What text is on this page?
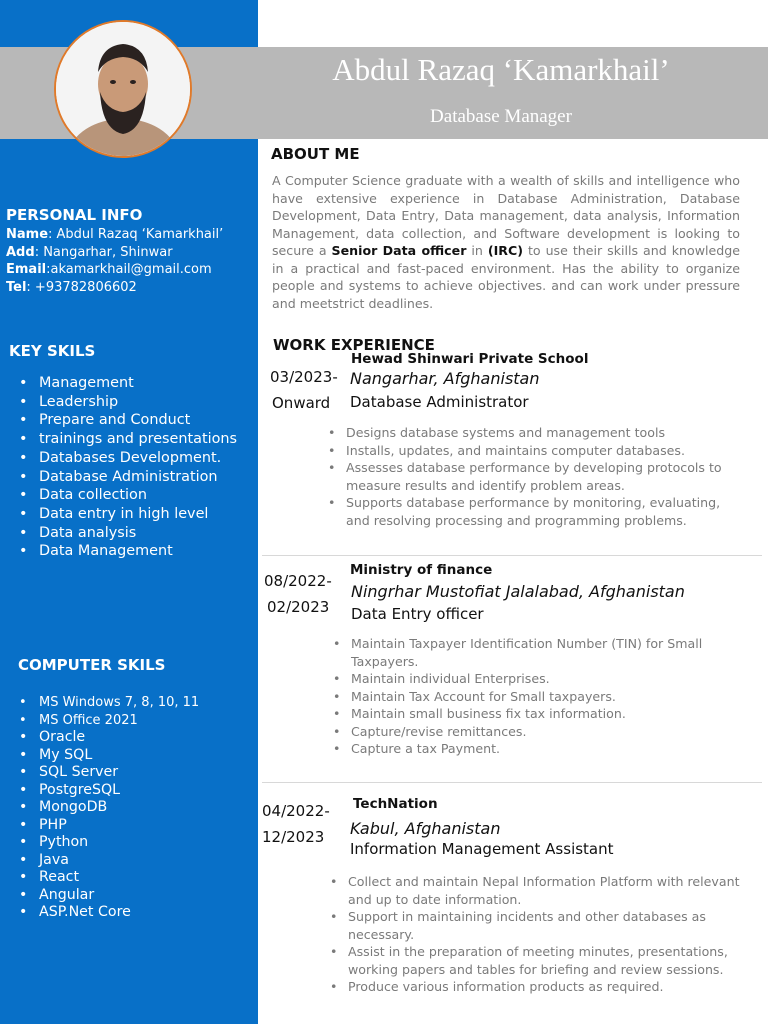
Abdul Razaq ‘Kamarkhail’
Database Manager
PERSONAL INFO
Name: Abdul Razaq ‘Kamarkhail’
Add: Nangarhar, Shinwar
Email:akamarkhail@gmail.com
Tel: +93782806602
KEY SKILS
• Management
• Leadership
• Prepare and Conduct
• trainings and presentations
• Databases Development.
• Database Administration
• Data collection
• Data entry in high level
• Data analysis
• Data Management
COMPUTER SKILS
• MS Windows 7, 8, 10, 11
• MS Office 2021
• Oracle
• My SQL
• SQL Server
• PostgreSQL
• MongoDB
• PHP
• Python
• Java
• React
• Angular
• ASP.Net Core
ABOUT ME
A Computer Science graduate with a wealth of skills and intelligence who have extensive experience in Database Administration, Database Development, Data Entry, Data management, data analysis, Information Management, data collection, and Software development is looking to secure a Senior Data officer in (IRC) to use their skills and knowledge in a practical and fast-paced environment. Has the ability to organize people and systems to achieve objectives. and can work under pressure and meetstrict deadlines.
WORK EXPERIENCE
03/2023-
Onward
Hewad Shinwari Private School
Nangarhar, Afghanistan
Database Administrator
• Designs database systems and management tools
• Installs, updates, and maintains computer databases.
• Assesses database performance by developing protocols to measure results and identify problem areas.
• Supports database performance by monitoring, evaluating, and resolving processing and programming problems.
08/2022-
02/2023
Ministry of finance
Ningrhar Mustofiat Jalalabad, Afghanistan
Data Entry officer
• Maintain Taxpayer Identification Number (TIN) for Small Taxpayers.
• Maintain individual Enterprises.
• Maintain Tax Account for Small taxpayers.
• Maintain small business fix tax information.
• Capture/revise remittances.
• Capture a tax Payment.
04/2022-
12/2023
TechNation
Kabul, Afghanistan
Information Management Assistant
• Collect and maintain Nepal Information Platform with relevant and up to date information.
• Support in maintaining incidents and other databases as necessary.
• Assist in the preparation of meeting minutes, presentations, working papers and tables for briefing and review sessions.
• Produce various information products as required.
